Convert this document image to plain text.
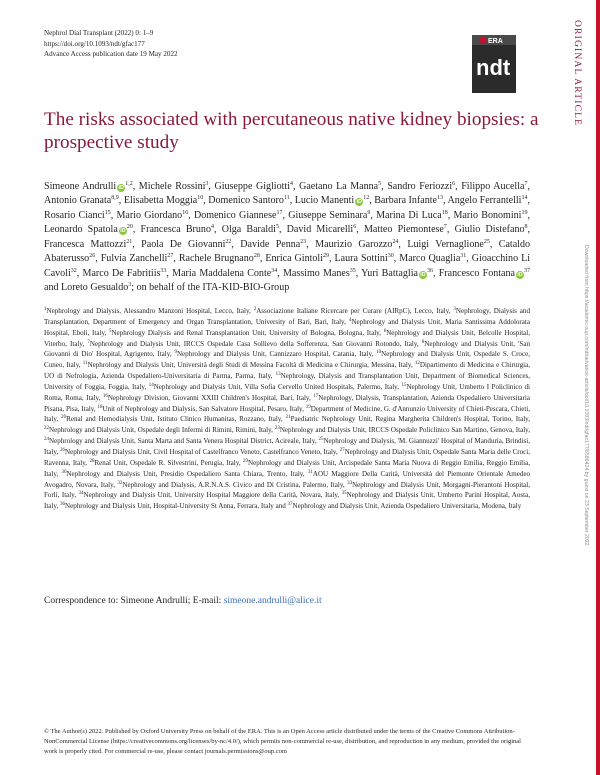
Nephrol Dial Transplant (2022) 0: 1–9
https://doi.org/10.1093/ndt/gfac177
Advance Access publication date 19 May 2022
ERA
ndt
The risks associated with percutaneous native kidney biopsies: a prospective study
Simeone Andrulli iD$^{1,2}$, Michele Rossini$^3$, Giuseppe Gigliotti$^4$, Gaetano La Manna$^5$, Sandro Feriozzi$^6$, Filippo Aucella$^7$, Antonio Granata$^{8,9}$, Elisabetta Moggia$^{10}$, Domenico Santoro$^{11}$, Lucio Manenti $iD^{12}$, Barbara Infante$^{13}$, Angelo Ferrantelli$^{14}$, Rosario Cianci$^{15}$, Mario Giordano$^{16}$, Domenico Giannese$^{17}$, Giuseppe Seminara$^9$, Marina Di Luca$^{18}$, Mario Bonomini$^{19}$, Leonardo Spatola $iD^{20}$, Francesca Bruno$^4$, Olga Baraldi$^5$, David Micarelli$^6$, Matteo Piemontese$^7$, Giulio Distefano$^8$, Francesca Mattozzi$^{21}$, Paola De Giovanni$^{22}$, Davide Penna$^{23}$, Maurizio Garozzo$^{24}$, Luigi Vernaglione$^{25}$, Cataldo Abaterusso$^{26}$, Fulvia Zanchelli$^{27}$, Rachele Brugnano$^{28}$, Enrica Gintoli$^{29}$, Laura Sottini$^{30}$, Marco Quaglia$^{31}$, Gioacchino Li Cavoli$^{32}$, Marco De Fabritiis$^{33}$, Maria Maddalena Conte$^{34}$, Massimo Manes$^{35}$, Yuri Battaglia $iD^{36}$, Francesco Fontana $iD^{37}$ and Loreto Gesualdo$^3$; on behalf of the ITA-KID-BIO-Group
$^1$Nephrology and Dialysis, Alessandro Manzoni Hospital, Lecco, Italy, $^2$Associazione Italiane Ricercare per Curare (AIRpC), Lecco, Italy, $^3$Nephrology, Dialysis and Transplantation, Department of Emergency and Organ Transplantation, University of Bari, Bari, Italy, $^4$Nephrology and Dialysis Unit, Maria Santissima Addolorata Hospital, Eboli, Italy, $^5$Nephrology Dialysis and Renal Transplantation Unit, University of Bologna, Bologna, Italy, $^6$Nephrology and Dialysis Unit, Belcolle Hospital, Viterbo, Italy, $^7$Nephrology and Dialysis Unit, IRCCS Ospedale Casa Sollievo della Sofferenza, San Giovanni Rotondo, Italy, $^8$Nephrology and Dialysis Unit, 'San Giovanni di Dio' Hospital, Agrigento, Italy, $^9$Nephrology and Dialysis Unit, Cannizzaro Hospital, Catania, Italy, $^{10}$Nephrology and Dialysis Unit, Ospedale S. Croce, Cuneo, Italy, $^{11}$Nephrology and Dialysis Unit, Università degli Studi di Messina Facoltà di Medicina e Chirurgia, Messina, Italy, $^{12}$Dipartimento di Medicina e Chirurgia, UO di Nefrologia, Azienda Ospedaliero-Universitaria di Parma, Parma, Italy, $^{13}$Nephrology, Dialysis and Transplantation Unit, Department of Biomedical Sciences, University of Foggia, Foggia, Italy, $^{14}$Nephrology and Dialysis Unit, Villa Sofia Cervello United Hospitals, Palermo, Italy, $^{15}$Nephrology Unit, Umberto I Policlinico di Roma, Roma, Italy, $^{16}$Nephrology Division, Giovanni XXIII Children's Hospital, Bari, Italy, $^{17}$Nephrology, Dialysis, Transplantation, Azienda Ospedaliero Universitaria Pisana, Pisa, Italy, $^{18}$Unit of Nephrology and Dialysis, San Salvatore Hospital, Pesaro, Italy, $^{19}$Department of Medicine, G. d'Annunzio University of Chieti-Pescara, Chieti, Italy, $^{20}$Renal and Hemodialysis Unit, Istituto Clinico Humanitas, Rozzano, Italy, $^{21}$Paediatric Nephrology Unit, Regina Margherita Children's Hospital, Torino, Italy, $^{22}$Nephrology and Dialysis Unit, Ospedale degli Infermi di Rimini, Rimini, Italy, $^{23}$Nephrology and Dialysis Unit, IRCCS Ospedale Policlinico San Martino, Genova, Italy, $^{24}$Nephrology and Dialysis Unit, Santa Marta and Santa Venera Hospital District, Acireale, Italy, $^{25}$Nephrology and Dialysis, 'M. Giannuzzi' Hospital of Manduria, Brindisi, Italy, $^{26}$Nephrology and Dialysis Unit, Civil Hospital of Castelfranco Veneto, Castelfranco Veneto, Italy, $^{27}$Nephrology and Dialysis Unit, Ospedale Santa Maria delle Croci, Ravenna, Italy, $^{28}$Renal Unit, Ospedale R. Silvestrini, Perugia, Italy, $^{29}$Nephrology and Dialysis Unit, Arcispedale Santa Maria Nuova di Reggio Emilia, Reggio Emilia, Italy, $^{30}$Nephrology and Dialysis Unit, Presidio Ospedaliero Santa Chiara, Trento, Italy, $^{31}$AOU Maggiore Della Carità, Università del Piemonte Orientale Amedeo Avogadro, Novara, Italy, $^{32}$Nephrology and Dialysis, A.R.N.A.S. Civico and Di Cristina, Palermo, Italy, $^{33}$Nephrology and Dialysis Unit, Morgagni-Pierantoni Hospital, Forlì, Italy, $^{34}$Nephrology and Dialysis Unit, University Hospital Maggiore della Carità, Novara, Italy, $^{35}$Nephrology and Dialysis Unit, Umberto Parini Hospital, Aosta, Italy, $^{36}$Nephrology and Dialysis Unit, Hospital-University St Anna, Ferrara, Italy and $^{37}$Nephrology and Dialysis Unit, Azienda Ospedaliero Universitaria, Modena, Italy
Correspondence to: Simeone Andrulli; E-mail: simeone.andrulli@alice.it
© The Author(s) 2022. Published by Oxford University Press on behalf of the ERA. This is an Open Access article distributed under the terms of the Creative Commons Attribution-NonCommercial License (https://creativecommons.org/licenses/by-nc/4.0/), which permits non-commercial re-use, distribution, and reproduction in any medium, provided the original work is properly cited. For commercial re-use, please contact journals.permissions@oup.com
ORIGINAL ARTICLE
Downloaded from https://academic.oup.com/ndt/advance-article/doi/10.1093/ndt/gfac177/6586424 by guest on 23 September 2022
